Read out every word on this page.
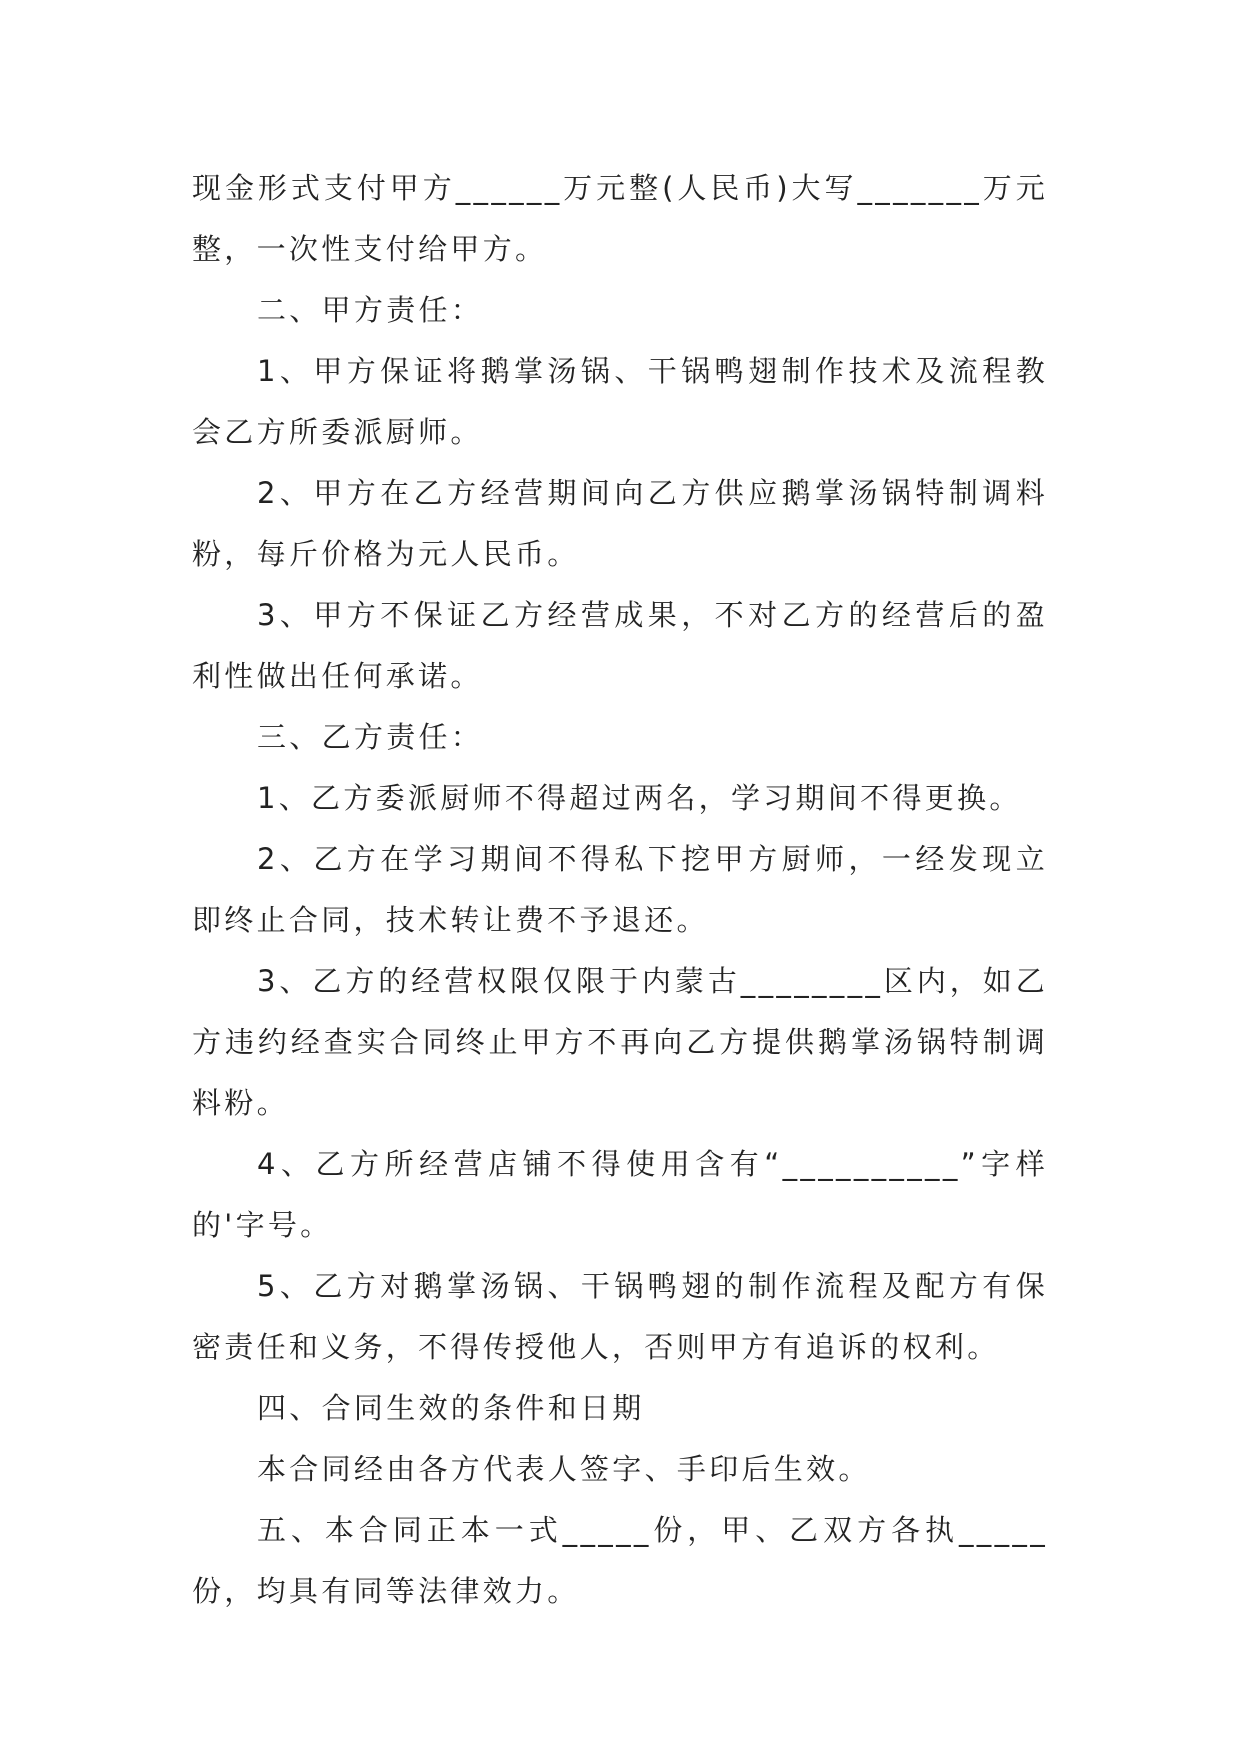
现金形式支付甲方______万元整(人民币)大写_______万元整，一次性支付给甲方。

二、甲方责任：

1、甲方保证将鹅掌汤锅、干锅鸭翅制作技术及流程教会乙方所委派厨师。

2、甲方在乙方经营期间向乙方供应鹅掌汤锅特制调料粉，每斤价格为元人民币。

3、甲方不保证乙方经营成果，不对乙方的经营后的盈利性做出任何承诺。

三、乙方责任：

1、乙方委派厨师不得超过两名，学习期间不得更换。

2、乙方在学习期间不得私下挖甲方厨师，一经发现立即终止合同，技术转让费不予退还。

3、乙方的经营权限仅限于内蒙古________区内，如乙方违约经查实合同终止甲方不再向乙方提供鹅掌汤锅特制调料粉。

4、乙方所经营店铺不得使用含有“__________”字样的'字号。

5、乙方对鹅掌汤锅、干锅鸭翅的制作流程及配方有保密责任和义务，不得传授他人，否则甲方有追诉的权利。

四、合同生效的条件和日期

本合同经由各方代表人签字、手印后生效。

五、本合同正本一式_____份，甲、乙双方各执_____份，均具有同等法律效力。
